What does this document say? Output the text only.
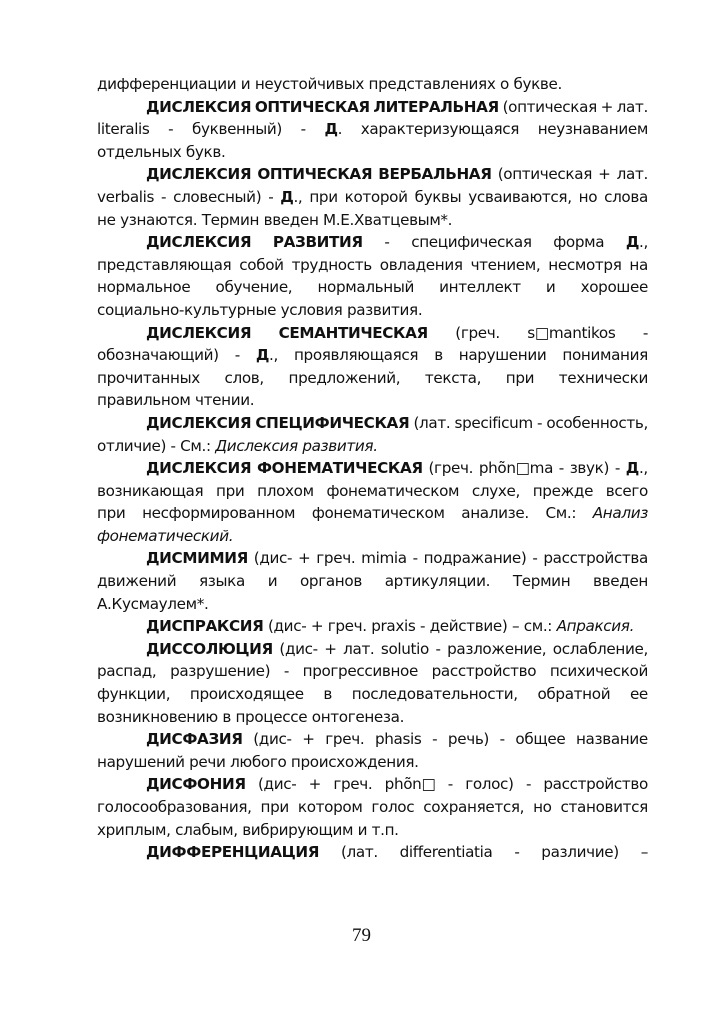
дифференциации и неустойчивых представлениях о букве.
ДИСЛЕКСИЯ ОПТИЧЕСКАЯ ЛИТЕРАЛЬНАЯ (оптическая + лат.
literalis - буквенный) - Д. характеризующаяся неузнаванием
отдельных букв.
ДИСЛЕКСИЯ ОПТИЧЕСКАЯ ВЕРБАЛЬНАЯ (оптическая + лат.
verbalis - словесный) - Д., при которой буквы усваиваются, но слова
не узнаются. Термин введен М.Е.Хватцевым*.
ДИСЛЕКСИЯ РАЗВИТИЯ - специфическая форма Д.,
представляющая собой трудность овладения чтением, несмотря на
нормальное обучение, нормальный интеллект и хорошее
социально-культурные условия развития.
ДИСЛЕКСИЯ СЕМАНТИЧЕСКАЯ (греч. s□mantikos -
обозначающий) - Д., проявляющаяся в нарушении понимания
прочитанных слов, предложений, текста, при технически
правильном чтении.
ДИСЛЕКСИЯ СПЕЦИФИЧЕСКАЯ (лат. specificum - особенность,
отличие) - См.: Дислексия развития.
ДИСЛЕКСИЯ ФОНЕМАТИЧЕСКАЯ (греч. phõn□ma - звук) - Д.,
возникающая при плохом фонематическом слухе, прежде всего
при несформированном фонематическом анализе. См.: Анализ
фонематический.
ДИСМИМИЯ (дис- + греч. mimia - подражание) - расстройства
движений языка и органов артикуляции. Термин введен
А.Кусмаулем*.
ДИСПРАКСИЯ (дис- + греч. praxis - действие) – см.: Апраксия.
ДИССОЛЮЦИЯ (дис- + лат. solutio - разложение, ослабление,
распад, разрушение) - прогрессивное расстройство психической
функции, происходящее в последовательности, обратной ее
возникновению в процессе онтогенеза.
ДИСФАЗИЯ (дис- + греч. phasis - речь) - общее название
нарушений речи любого происхождения.
ДИСФОНИЯ (дис- + греч. phõn□ - голос) - расстройство
голосообразования, при котором голос сохраняется, но становится
хриплым, слабым, вибрирующим и т.п.
ДИФФЕРЕНЦИАЦИЯ (лат. differentiatia - различие) –
79
